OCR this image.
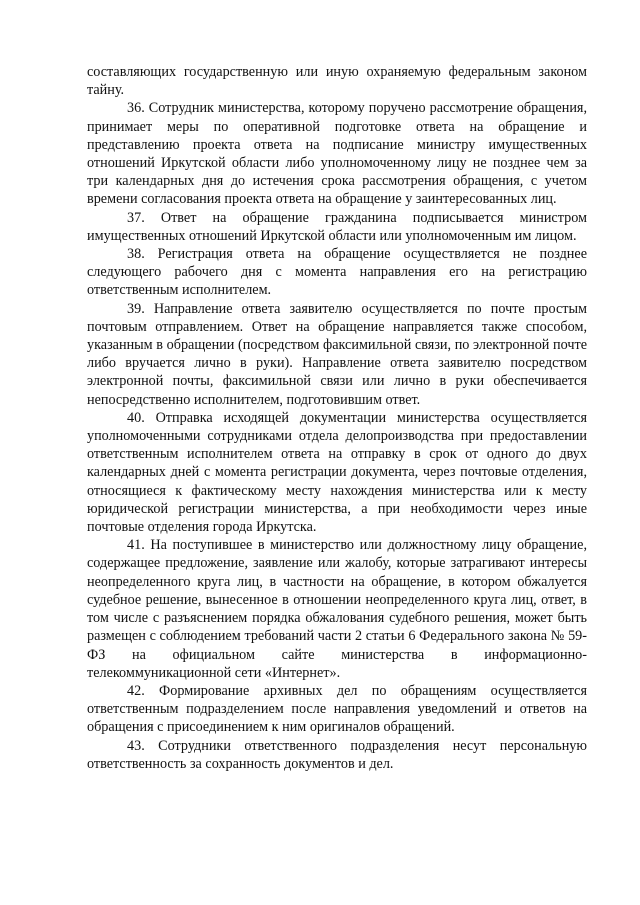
составляющих государственную или иную охраняемую федеральным законом тайну.

36. Сотрудник министерства, которому поручено рассмотрение обращения, принимает меры по оперативной подготовке ответа на обращение и представлению проекта ответа на подписание министру имущественных отношений Иркутской области либо уполномоченному лицу не позднее чем за три календарных дня до истечения срока рассмотрения обращения, с учетом времени согласования проекта ответа на обращение у заинтересованных лиц.

37. Ответ на обращение гражданина подписывается министром имущественных отношений Иркутской области или уполномоченным им лицом.

38. Регистрация ответа на обращение осуществляется не позднее следующего рабочего дня с момента направления его на регистрацию ответственным исполнителем.

39. Направление ответа заявителю осуществляется по почте простым почтовым отправлением. Ответ на обращение направляется также способом, указанным в обращении (посредством факсимильной связи, по электронной почте либо вручается лично в руки). Направление ответа заявителю посредством электронной почты, факсимильной связи или лично в руки обеспечивается непосредственно исполнителем, подготовившим ответ.

40. Отправка исходящей документации министерства осуществляется уполномоченными сотрудниками отдела делопроизводства при предоставлении ответственным исполнителем ответа на отправку в срок от одного до двух календарных дней с момента регистрации документа, через почтовые отделения, относящиеся к фактическому месту нахождения министерства или к месту юридической регистрации министерства, а при необходимости через иные почтовые отделения города Иркутска.

41. На поступившее в министерство или должностному лицу обращение, содержащее предложение, заявление или жалобу, которые затрагивают интересы неопределенного круга лиц, в частности на обращение, в котором обжалуется судебное решение, вынесенное в отношении неопределенного круга лиц, ответ, в том числе с разъяснением порядка обжалования судебного решения, может быть размещен с соблюдением требований части 2 статьи 6 Федерального закона № 59-ФЗ на официальном сайте министерства в информационно-телекоммуникационной сети «Интернет».

42. Формирование архивных дел по обращениям осуществляется ответственным подразделением после направления уведомлений и ответов на обращения с присоединением к ним оригиналов обращений.

43. Сотрудники ответственного подразделения несут персональную ответственность за сохранность документов и дел.
